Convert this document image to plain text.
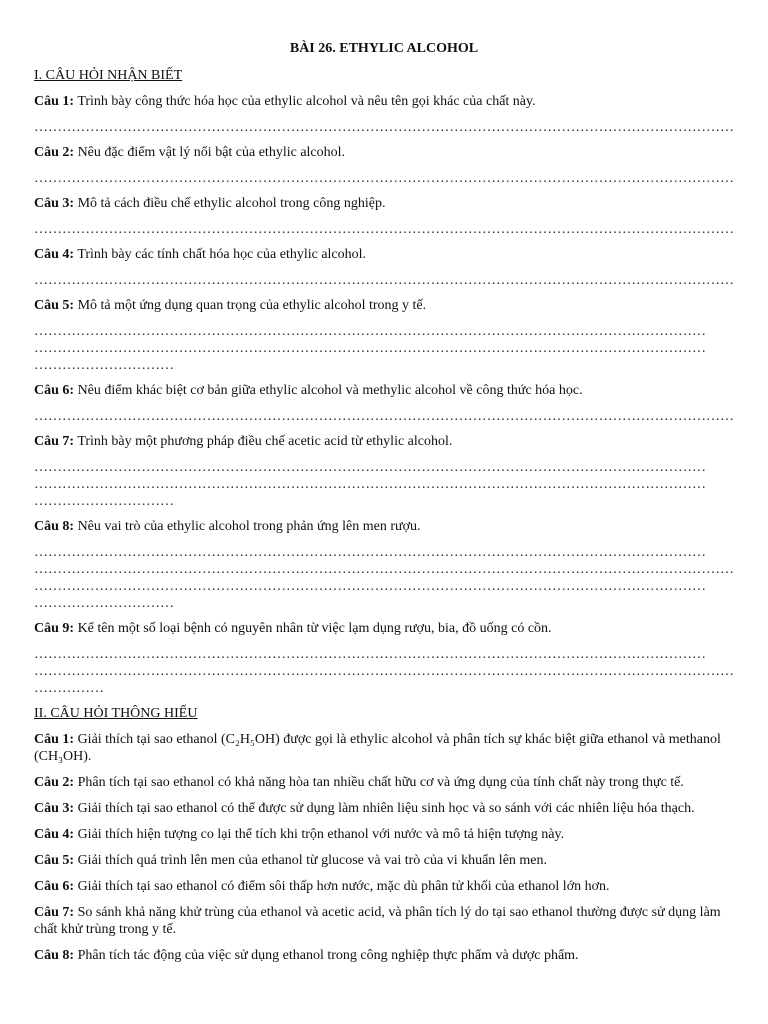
BÀI 26. ETHYLIC ALCOHOL
I. CÂU HỎI NHẬN BIẾT
Câu 1: Trình bày công thức hóa học của ethylic alcohol và nêu tên gọi khác của chất này.
……………………………………………………………………………………………………………………………………
Câu 2: Nêu đặc điểm vật lý nổi bật của ethylic alcohol.
……………………………………………………………………………………………………………………………………
Câu 3: Mô tả cách điều chế ethylic alcohol trong công nghiệp.
……………………………………………………………………………………………………………………………………
Câu 4: Trình bày các tính chất hóa học của ethylic alcohol.
……………………………………………………………………………………………………………………………………
Câu 5: Mô tả một ứng dụng quan trọng của ethylic alcohol trong y tế.
………………………………………………………………………………………………………………………………
………………………………………………………………………………………………………………………………
…………………………
Câu 6: Nêu điểm khác biệt cơ bản giữa ethylic alcohol và methylic alcohol về công thức hóa học.
……………………………………………………………………………………………………………………………………
Câu 7: Trình bày một phương pháp điều chế acetic acid từ ethylic alcohol.
………………………………………………………………………………………………………………………………
………………………………………………………………………………………………………………………………
…………………………
Câu 8: Nêu vai trò của ethylic alcohol trong phản ứng lên men rượu.
………………………………………………………………………………………………………………………………
……………………………………………………………………………………………………………………………………
………………………………………………………………………………………………………………………………
…………………………
Câu 9: Kể tên một số loại bệnh có nguyên nhân từ việc lạm dụng rượu, bia, đồ uống có cồn.
………………………………………………………………………………………………………………………………
……………………………………………………………………………………………………………………………………
……………
II. CÂU HỎI THÔNG HIỂU
Câu 1: Giải thích tại sao ethanol (C₂H₅OH) được gọi là ethylic alcohol và phân tích sự khác biệt giữa ethanol và methanol (CH₃OH).
Câu 2: Phân tích tại sao ethanol có khả năng hòa tan nhiều chất hữu cơ và ứng dụng của tính chất này trong thực tế.
Câu 3: Giải thích tại sao ethanol có thể được sử dụng làm nhiên liệu sinh học và so sánh với các nhiên liệu hóa thạch.
Câu 4: Giải thích hiện tượng co lại thể tích khi trộn ethanol với nước và mô tả hiện tượng này.
Câu 5: Giải thích quá trình lên men của ethanol từ glucose và vai trò của vi khuẩn lên men.
Câu 6: Giải thích tại sao ethanol có điểm sôi thấp hơn nước, mặc dù phân tử khối của ethanol lớn hơn.
Câu 7: So sánh khả năng khử trùng của ethanol và acetic acid, và phân tích lý do tại sao ethanol thường được sử dụng làm chất khử trùng trong y tế.
Câu 8: Phân tích tác động của việc sử dụng ethanol trong công nghiệp thực phẩm và dược phẩm.
